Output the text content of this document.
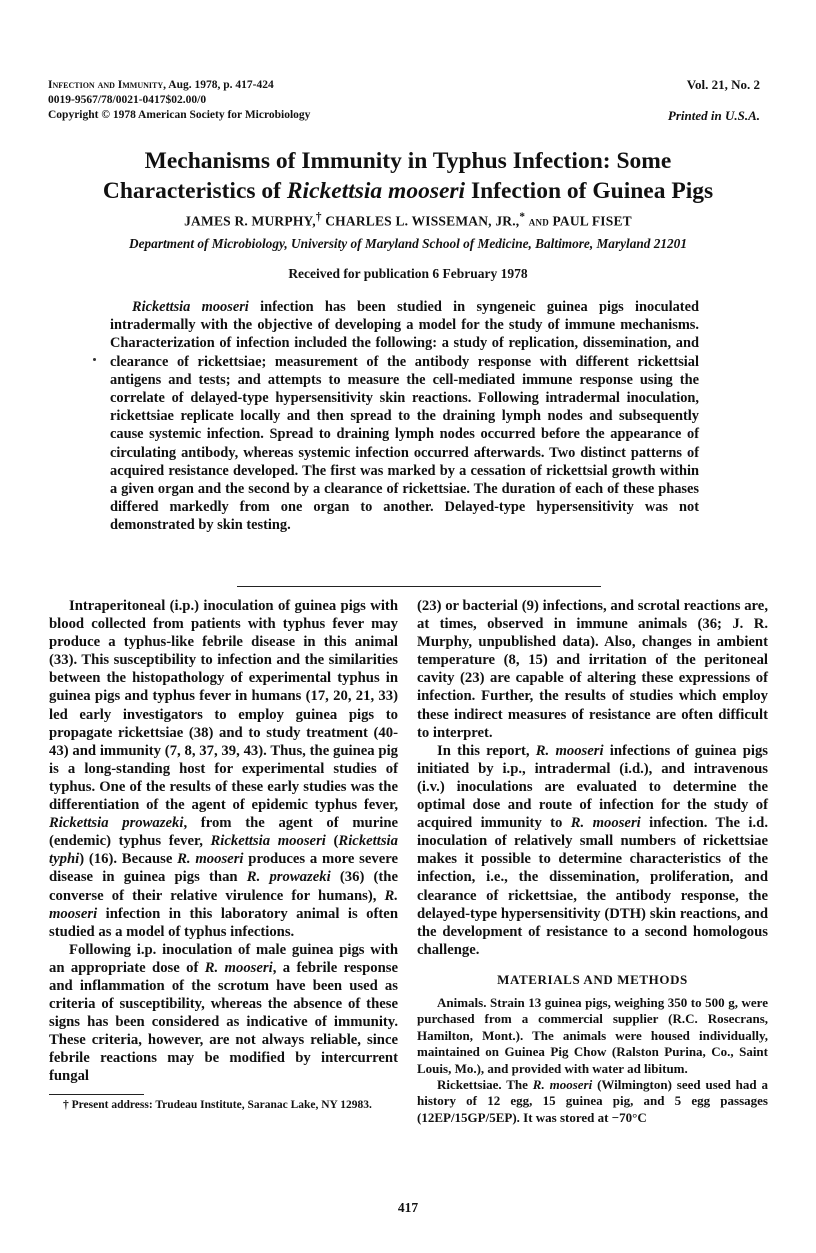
Infection and Immunity, Aug. 1978, p. 417-424
0019-9567/78/0021-0417$02.00/0
Copyright © 1978 American Society for Microbiology
Vol. 21, No. 2
Printed in U.S.A.
Mechanisms of Immunity in Typhus Infection: Some
Characteristics of Rickettsia mooseri Infection of Guinea Pigs
JAMES R. MURPHY,† CHARLES L. WISSEMAN, JR.,* and PAUL FISET
Department of Microbiology, University of Maryland School of Medicine, Baltimore, Maryland 21201
Received for publication 6 February 1978
Rickettsia mooseri infection has been studied in syngeneic guinea pigs inoculated intradermally with the objective of developing a model for the study of immune mechanisms. Characterization of infection included the following: a study of replication, dissemination, and clearance of rickettsiae; measurement of the antibody response with different rickettsial antigens and tests; and attempts to measure the cell-mediated immune response using the correlate of delayed-type hypersensitivity skin reactions. Following intradermal inoculation, rickettsiae replicate locally and then spread to the draining lymph nodes and subsequently cause systemic infection. Spread to draining lymph nodes occurred before the appearance of circulating antibody, whereas systemic infection occurred afterwards. Two distinct patterns of acquired resistance developed. The first was marked by a cessation of rickettsial growth within a given organ and the second by a clearance of rickettsiae. The duration of each of these phases differed markedly from one organ to another. Delayed-type hypersensitivity was not demonstrated by skin testing.

Intraperitoneal (i.p.) inoculation of guinea pigs with blood collected from patients with typhus fever may produce a typhus-like febrile disease in this animal (33). This susceptibility to infection and the similarities between the histopathology of experimental typhus in guinea pigs and typhus fever in humans (17, 20, 21, 33) led early investigators to employ guinea pigs to propagate rickettsiae (38) and to study treatment (40-43) and immunity (7, 8, 37, 39, 43). Thus, the guinea pig is a long-standing host for experimental studies of typhus. One of the results of these early studies was the differentiation of the agent of epidemic typhus fever, Rickettsia prowazeki, from the agent of murine (endemic) typhus fever, Rickettsia mooseri (Rickettsia typhi) (16). Because R. mooseri produces a more severe disease in guinea pigs than R. prowazeki (36) (the converse of their relative virulence for humans), R. mooseri infection in this laboratory animal is often studied as a model of typhus infections.

Following i.p. inoculation of male guinea pigs with an appropriate dose of R. mooseri, a febrile response and inflammation of the scrotum have been used as criteria of susceptibility, whereas the absence of these signs has been considered as indicative of immunity. These criteria, however, are not always reliable, since febrile reactions may be modified by intercurrent fungal

† Present address: Trudeau Institute, Saranac Lake, NY 12983.

(23) or bacterial (9) infections, and scrotal reactions are, at times, observed in immune animals (36; J. R. Murphy, unpublished data). Also, changes in ambient temperature (8, 15) and irritation of the peritoneal cavity (23) are capable of altering these expressions of infection. Further, the results of studies which employ these indirect measures of resistance are often difficult to interpret.

In this report, R. mooseri infections of guinea pigs initiated by i.p., intradermal (i.d.), and intravenous (i.v.) inoculations are evaluated to determine the optimal dose and route of infection for the study of acquired immunity to R. mooseri infection. The i.d. inoculation of relatively small numbers of rickettsiae makes it possible to determine characteristics of the infection, i.e., the dissemination, proliferation, and clearance of rickettsiae, the antibody response, the delayed-type hypersensitivity (DTH) skin reactions, and the development of resistance to a second homologous challenge.

MATERIALS AND METHODS

Animals. Strain 13 guinea pigs, weighing 350 to 500 g, were purchased from a commercial supplier (R.C. Rosecrans, Hamilton, Mont.). The animals were housed individually, maintained on Guinea Pig Chow (Ralston Purina, Co., Saint Louis, Mo.), and provided with water ad libitum.

Rickettsiae. The R. mooseri (Wilmington) seed used had a history of 12 egg, 15 guinea pig, and 5 egg passages (12EP/15GP/5EP). It was stored at −70°C

417
